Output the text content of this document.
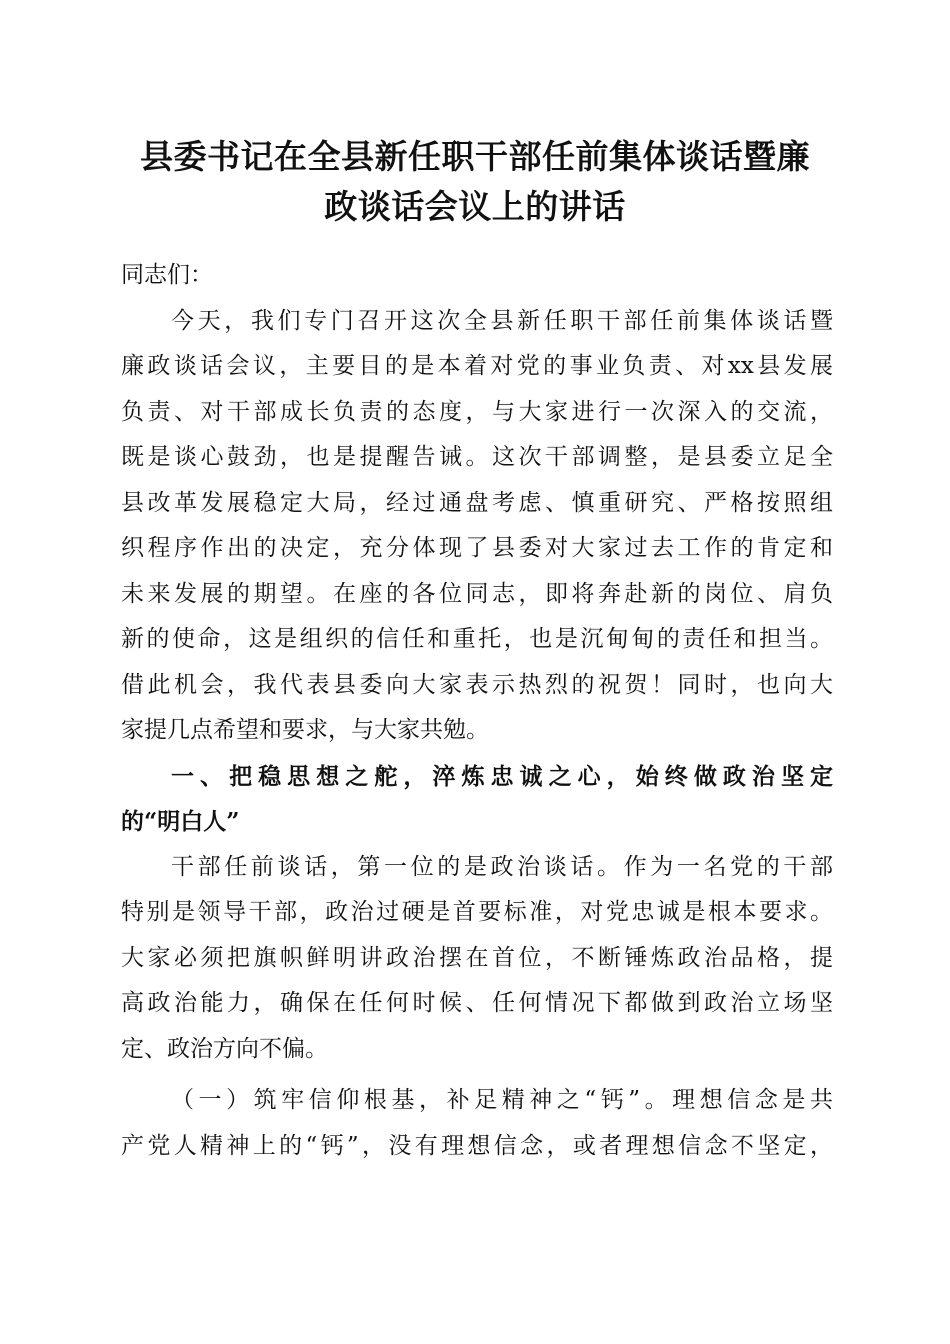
县委书记在全县新任职干部任前集体谈话暨廉
政谈话会议上的讲话
同志们：
今天，我们专门召开这次全县新任职干部任前集体谈话暨
廉政谈话会议，主要目的是本着对党的事业负责、对xx县发展
负责、对干部成长负责的态度，与大家进行一次深入的交流，
既是谈心鼓劲，也是提醒告诫。这次干部调整，是县委立足全
县改革发展稳定大局，经过通盘考虑、慎重研究、严格按照组
织程序作出的决定，充分体现了县委对大家过去工作的肯定和
未来发展的期望。在座的各位同志，即将奔赴新的岗位、肩负
新的使命，这是组织的信任和重托，也是沉甸甸的责任和担当。
借此机会，我代表县委向大家表示热烈的祝贺！同时，也向大
家提几点希望和要求，与大家共勉。
一、把稳思想之舵，淬炼忠诚之心，始终做政治坚定
的“明白人”
干部任前谈话，第一位的是政治谈话。作为一名党的干部
特别是领导干部，政治过硬是首要标准，对党忠诚是根本要求。
大家必须把旗帜鲜明讲政治摆在首位，不断锤炼政治品格，提
高政治能力，确保在任何时候、任何情况下都做到政治立场坚
定、政治方向不偏。
（一）筑牢信仰根基，补足精神之“钙”。理想信念是共
产党人精神上的“钙”，没有理想信念，或者理想信念不坚定，
